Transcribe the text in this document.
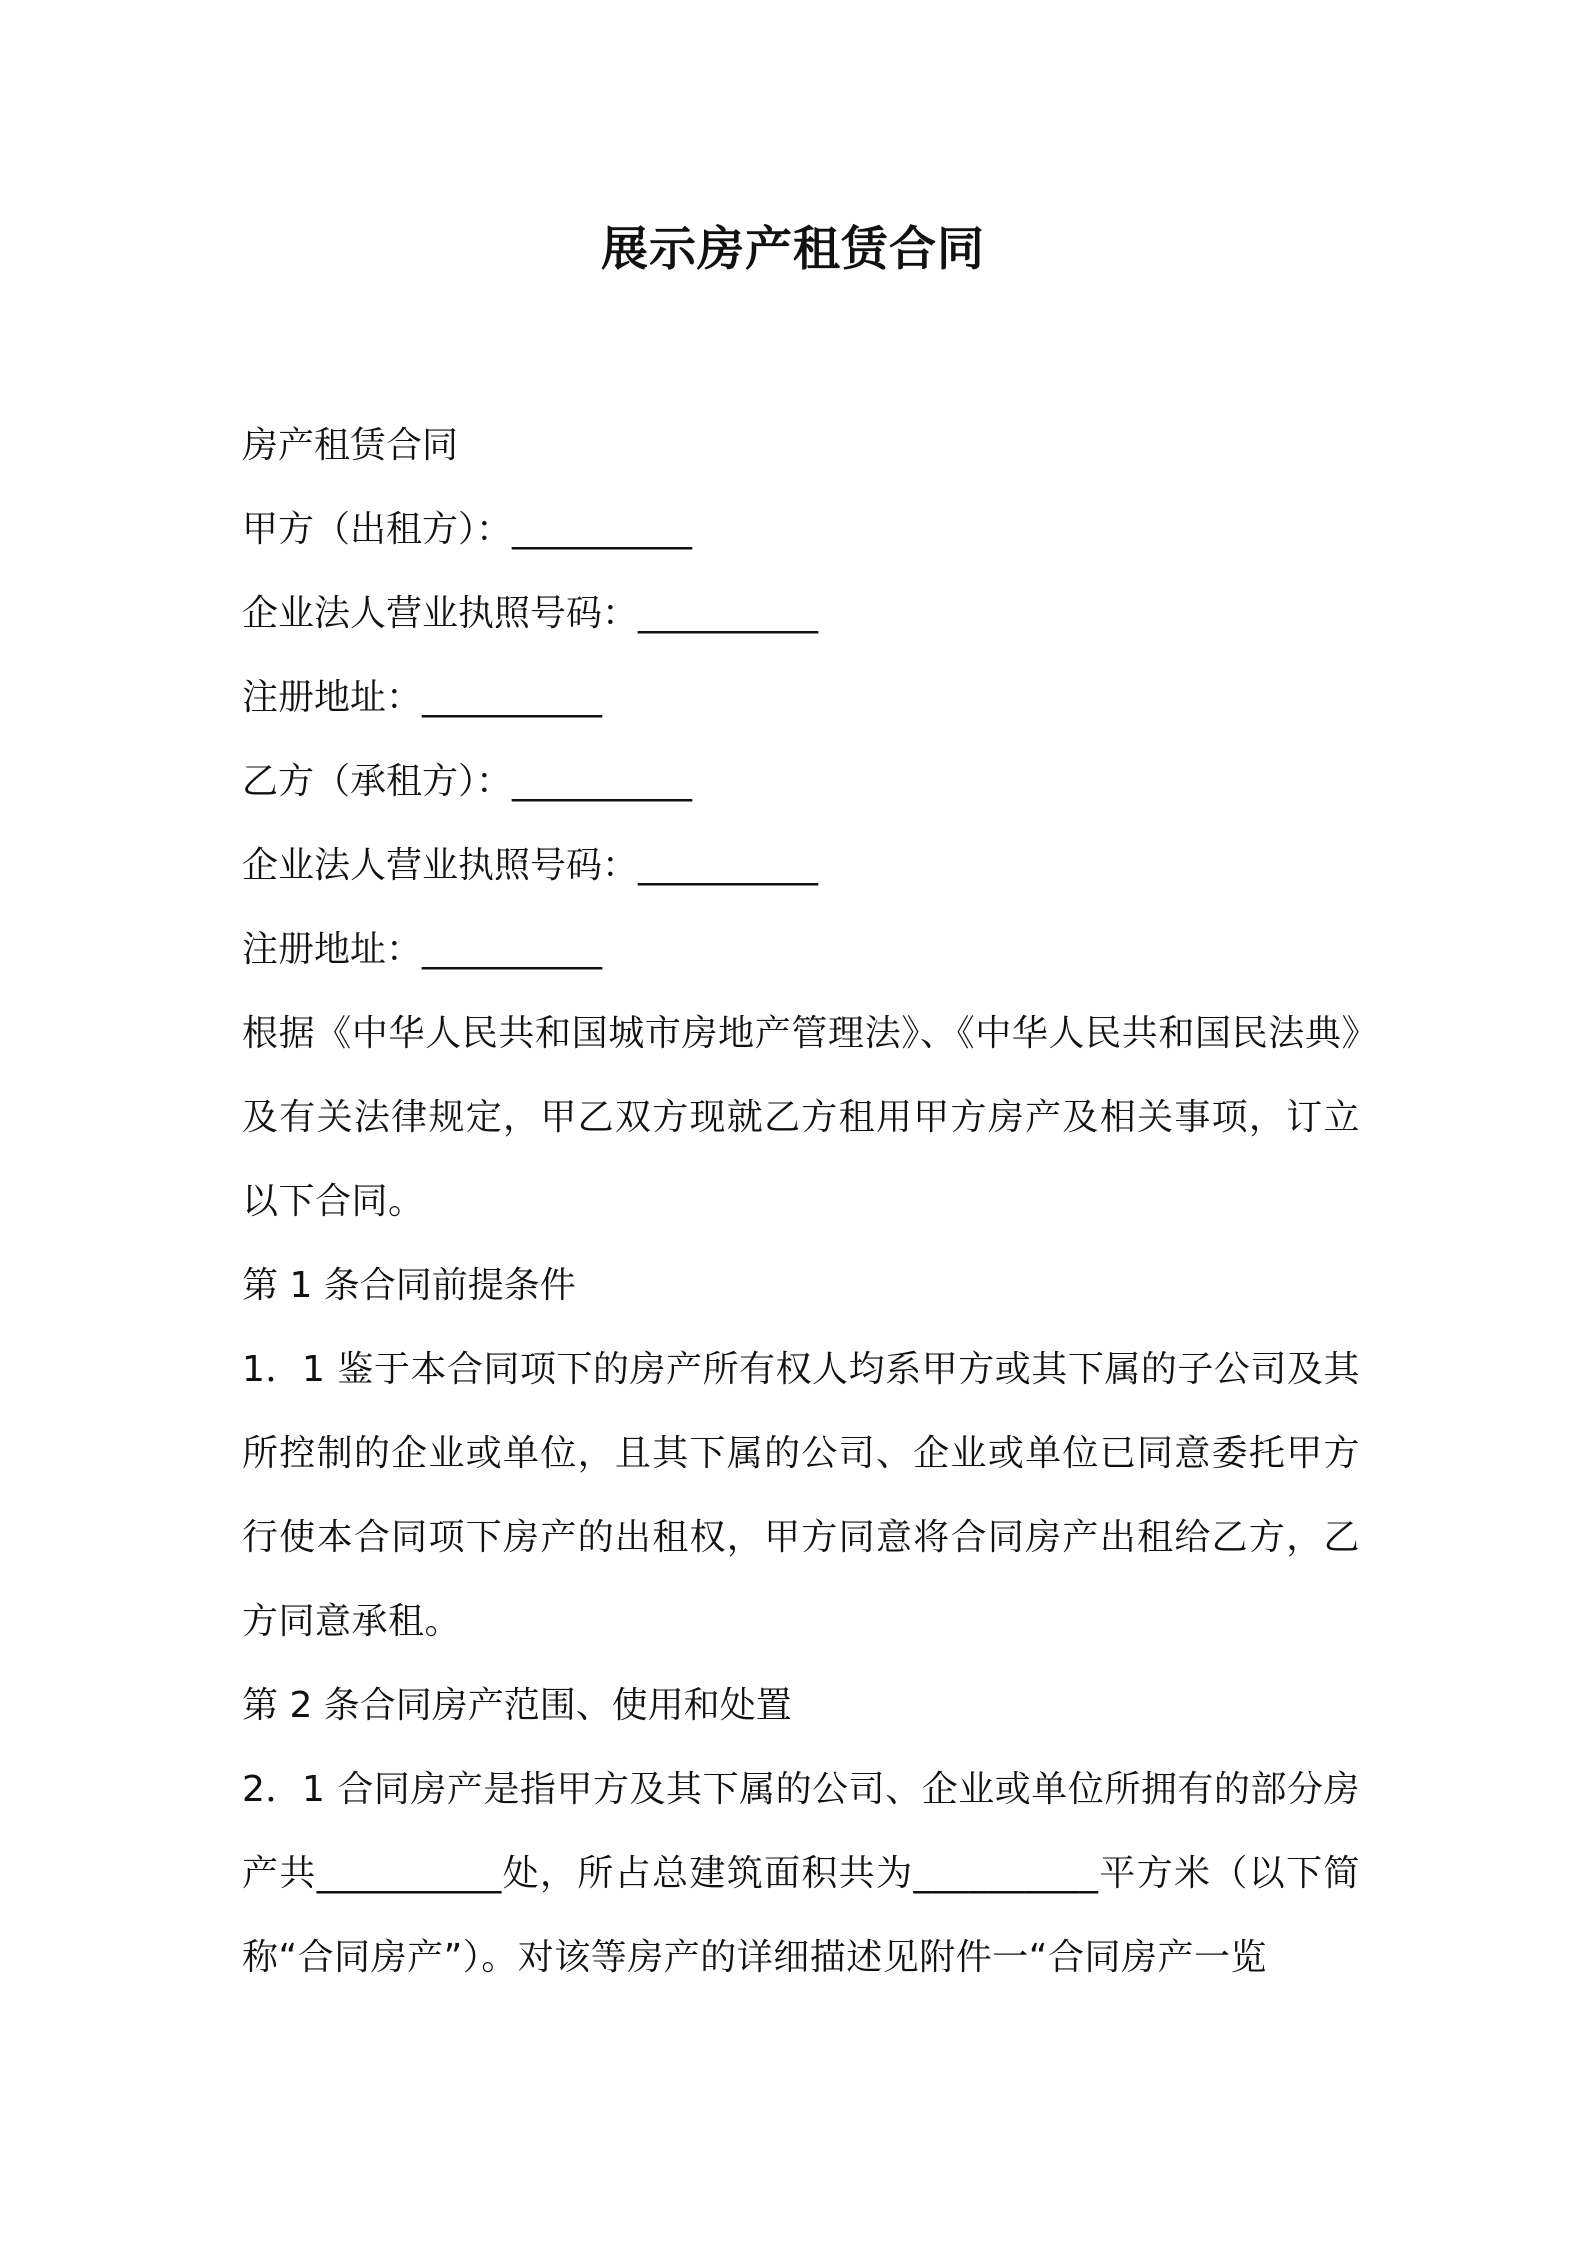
展示房产租赁合同

房产租赁合同

甲方（出租方）：__________

企业法人营业执照号码：__________

注册地址：__________

乙方（承租方）：__________

企业法人营业执照号码：__________

注册地址：__________

根据《中华人民共和国城市房地产管理法》、《中华人民共和国民法典》及有关法律规定，甲乙双方现就乙方租用甲方房产及相关事项，订立以下合同。

第 1 条合同前提条件

1．1 鉴于本合同项下的房产所有权人均系甲方或其下属的子公司及其所控制的企业或单位，且其下属的公司、企业或单位已同意委托甲方行使本合同项下房产的出租权，甲方同意将合同房产出租给乙方，乙方同意承租。

第 2 条合同房产范围、使用和处置

2．1 合同房产是指甲方及其下属的公司、企业或单位所拥有的部分房产共__________处，所占总建筑面积共为__________平方米（以下简称“合同房产”）。对该等房产的详细描述见附件一“合同房产一览
